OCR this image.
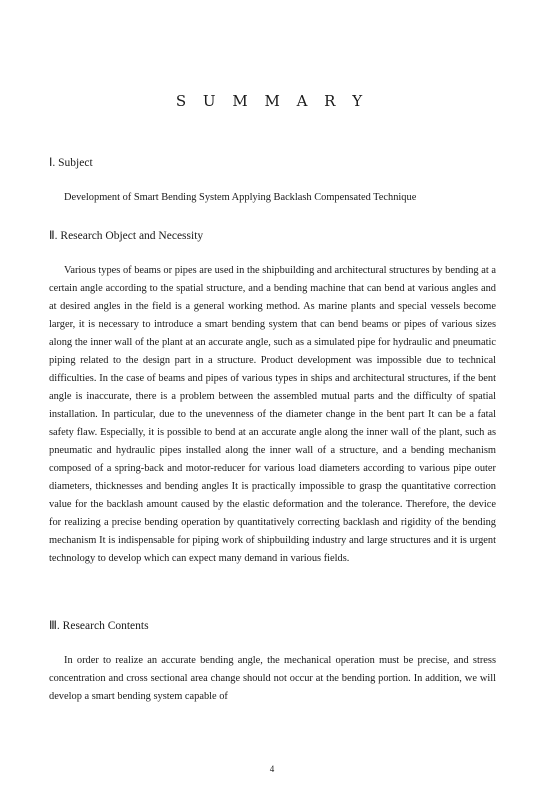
S U M M A R Y
Ⅰ. Subject
Development of Smart Bending System Applying Backlash Compensated Technique
Ⅱ. Research Object and Necessity
Various types of beams or pipes are used in the shipbuilding and architectural structures by bending at a certain angle according to the spatial structure, and a bending machine that can bend at various angles and at desired angles in the field is a general working method. As marine plants and special vessels become larger, it is necessary to introduce a smart bending system that can bend beams or pipes of various sizes along the inner wall of the plant at an accurate angle, such as a simulated pipe for hydraulic and pneumatic piping related to the design part in a structure. Product development was impossible due to technical difficulties. In the case of beams and pipes of various types in ships and architectural structures, if the bent angle is inaccurate, there is a problem between the assembled mutual parts and the difficulty of spatial installation. In particular, due to the unevenness of the diameter change in the bent part It can be a fatal safety flaw. Especially, it is possible to bend at an accurate angle along the inner wall of the plant, such as pneumatic and hydraulic pipes installed along the inner wall of a structure, and a bending mechanism composed of a spring-back and motor-reducer for various load diameters according to various pipe outer diameters, thicknesses and bending angles It is practically impossible to grasp the quantitative correction value for the backlash amount caused by the elastic deformation and the tolerance. Therefore, the device for realizing a precise bending operation by quantitatively correcting backlash and rigidity of the bending mechanism It is indispensable for piping work of shipbuilding industry and large structures and it is urgent technology to develop which can expect many demand in various fields.
Ⅲ. Research Contents
In order to realize an accurate bending angle, the mechanical operation must be precise, and stress concentration and cross sectional area change should not occur at the bending portion. In addition, we will develop a smart bending system capable of
4
